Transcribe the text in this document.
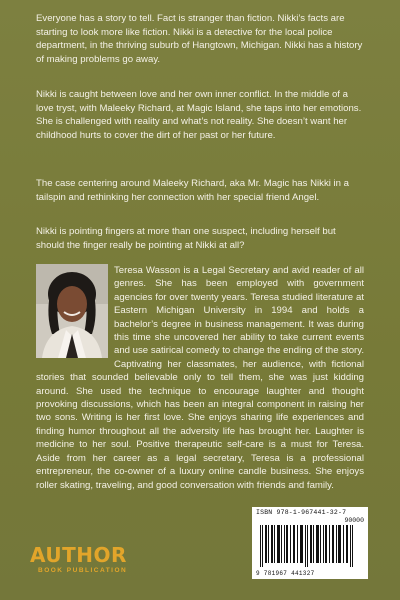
Everyone has a story to tell. Fact is stranger than fiction. Nikki’s facts are starting to look more like fiction. Nikki is a detective for the local police department, in the thriving suburb of Hangtown, Michigan. Nikki has a history of making problems go away.

Nikki is caught between love and her own inner conflict. In the middle of a love tryst, with Maleeky Richard, at Magic Island, she taps into her emotions. She is challenged with reality and what’s not reality. She doesn’t want her childhood hurts to cover the dirt of her past or her future.

The case centering around Maleeky Richard, aka Mr. Magic has Nikki in a tailspin and rethinking her connection with her special friend Angel.

Nikki is pointing fingers at more than one suspect, including herself but should the finger really be pointing at Nikki at all?

Teresa Wasson is a Legal Secretary and avid reader of all genres. She has been employed with government agencies for over twenty years. Teresa studied literature at Eastern Michigan University in 1994 and holds a bachelor’s degree in business management. It was during this time she uncovered her ability to take current events and use satirical comedy to change the ending of the story. Captivating her classmates, her audience, with fictional stories that sounded believable only to tell them, she was just kidding around. She used the technique to encourage laughter and thought provoking discussions, which has been an integral component in raising her two sons. Writing is her first love. She enjoys sharing life experiences and finding humor throughout all the adversity life has brought her. Laughter is medicine to her soul. Positive therapeutic self-care is a must for Teresa. Aside from her career as a legal secretary, Teresa is a professional entrepreneur, the co-owner of a luxury online candle business. She enjoys roller skating, traveling, and good conversation with friends and family.

ISBN 978-1-967441-32-7
90000
9 781967 441327
AUTHOR
BOOK PUBLICATION
